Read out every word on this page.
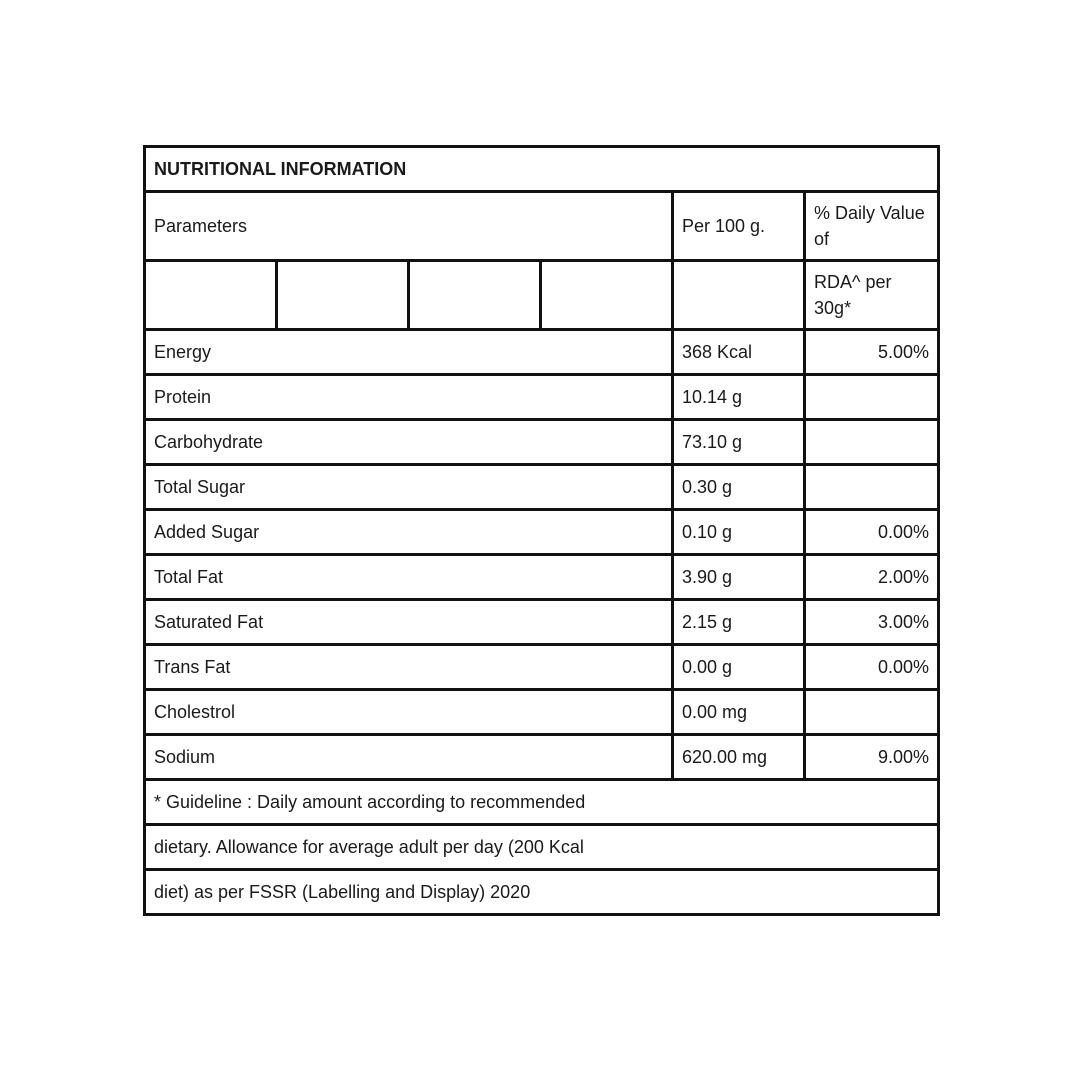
NUTRITIONAL INFORMATION					
Parameters				Per 100 g.	% Daily Value of
					RDA^ per 30g*
Energy				368 Kcal	5.00%
Protein				10.14 g	
Carbohydrate				73.10 g	
Total Sugar				0.30 g	
Added Sugar				0.10 g	0.00%
Total Fat				3.90 g	2.00%
Saturated Fat				2.15 g	3.00%
Trans Fat				0.00 g	0.00%
Cholestrol				0.00 mg	
Sodium				620.00 mg	9.00%
* Guideline : Daily amount according to recommended					
dietary. Allowance for average adult per day (200 Kcal					
diet) as per FSSR (Labelling and Display) 2020					
